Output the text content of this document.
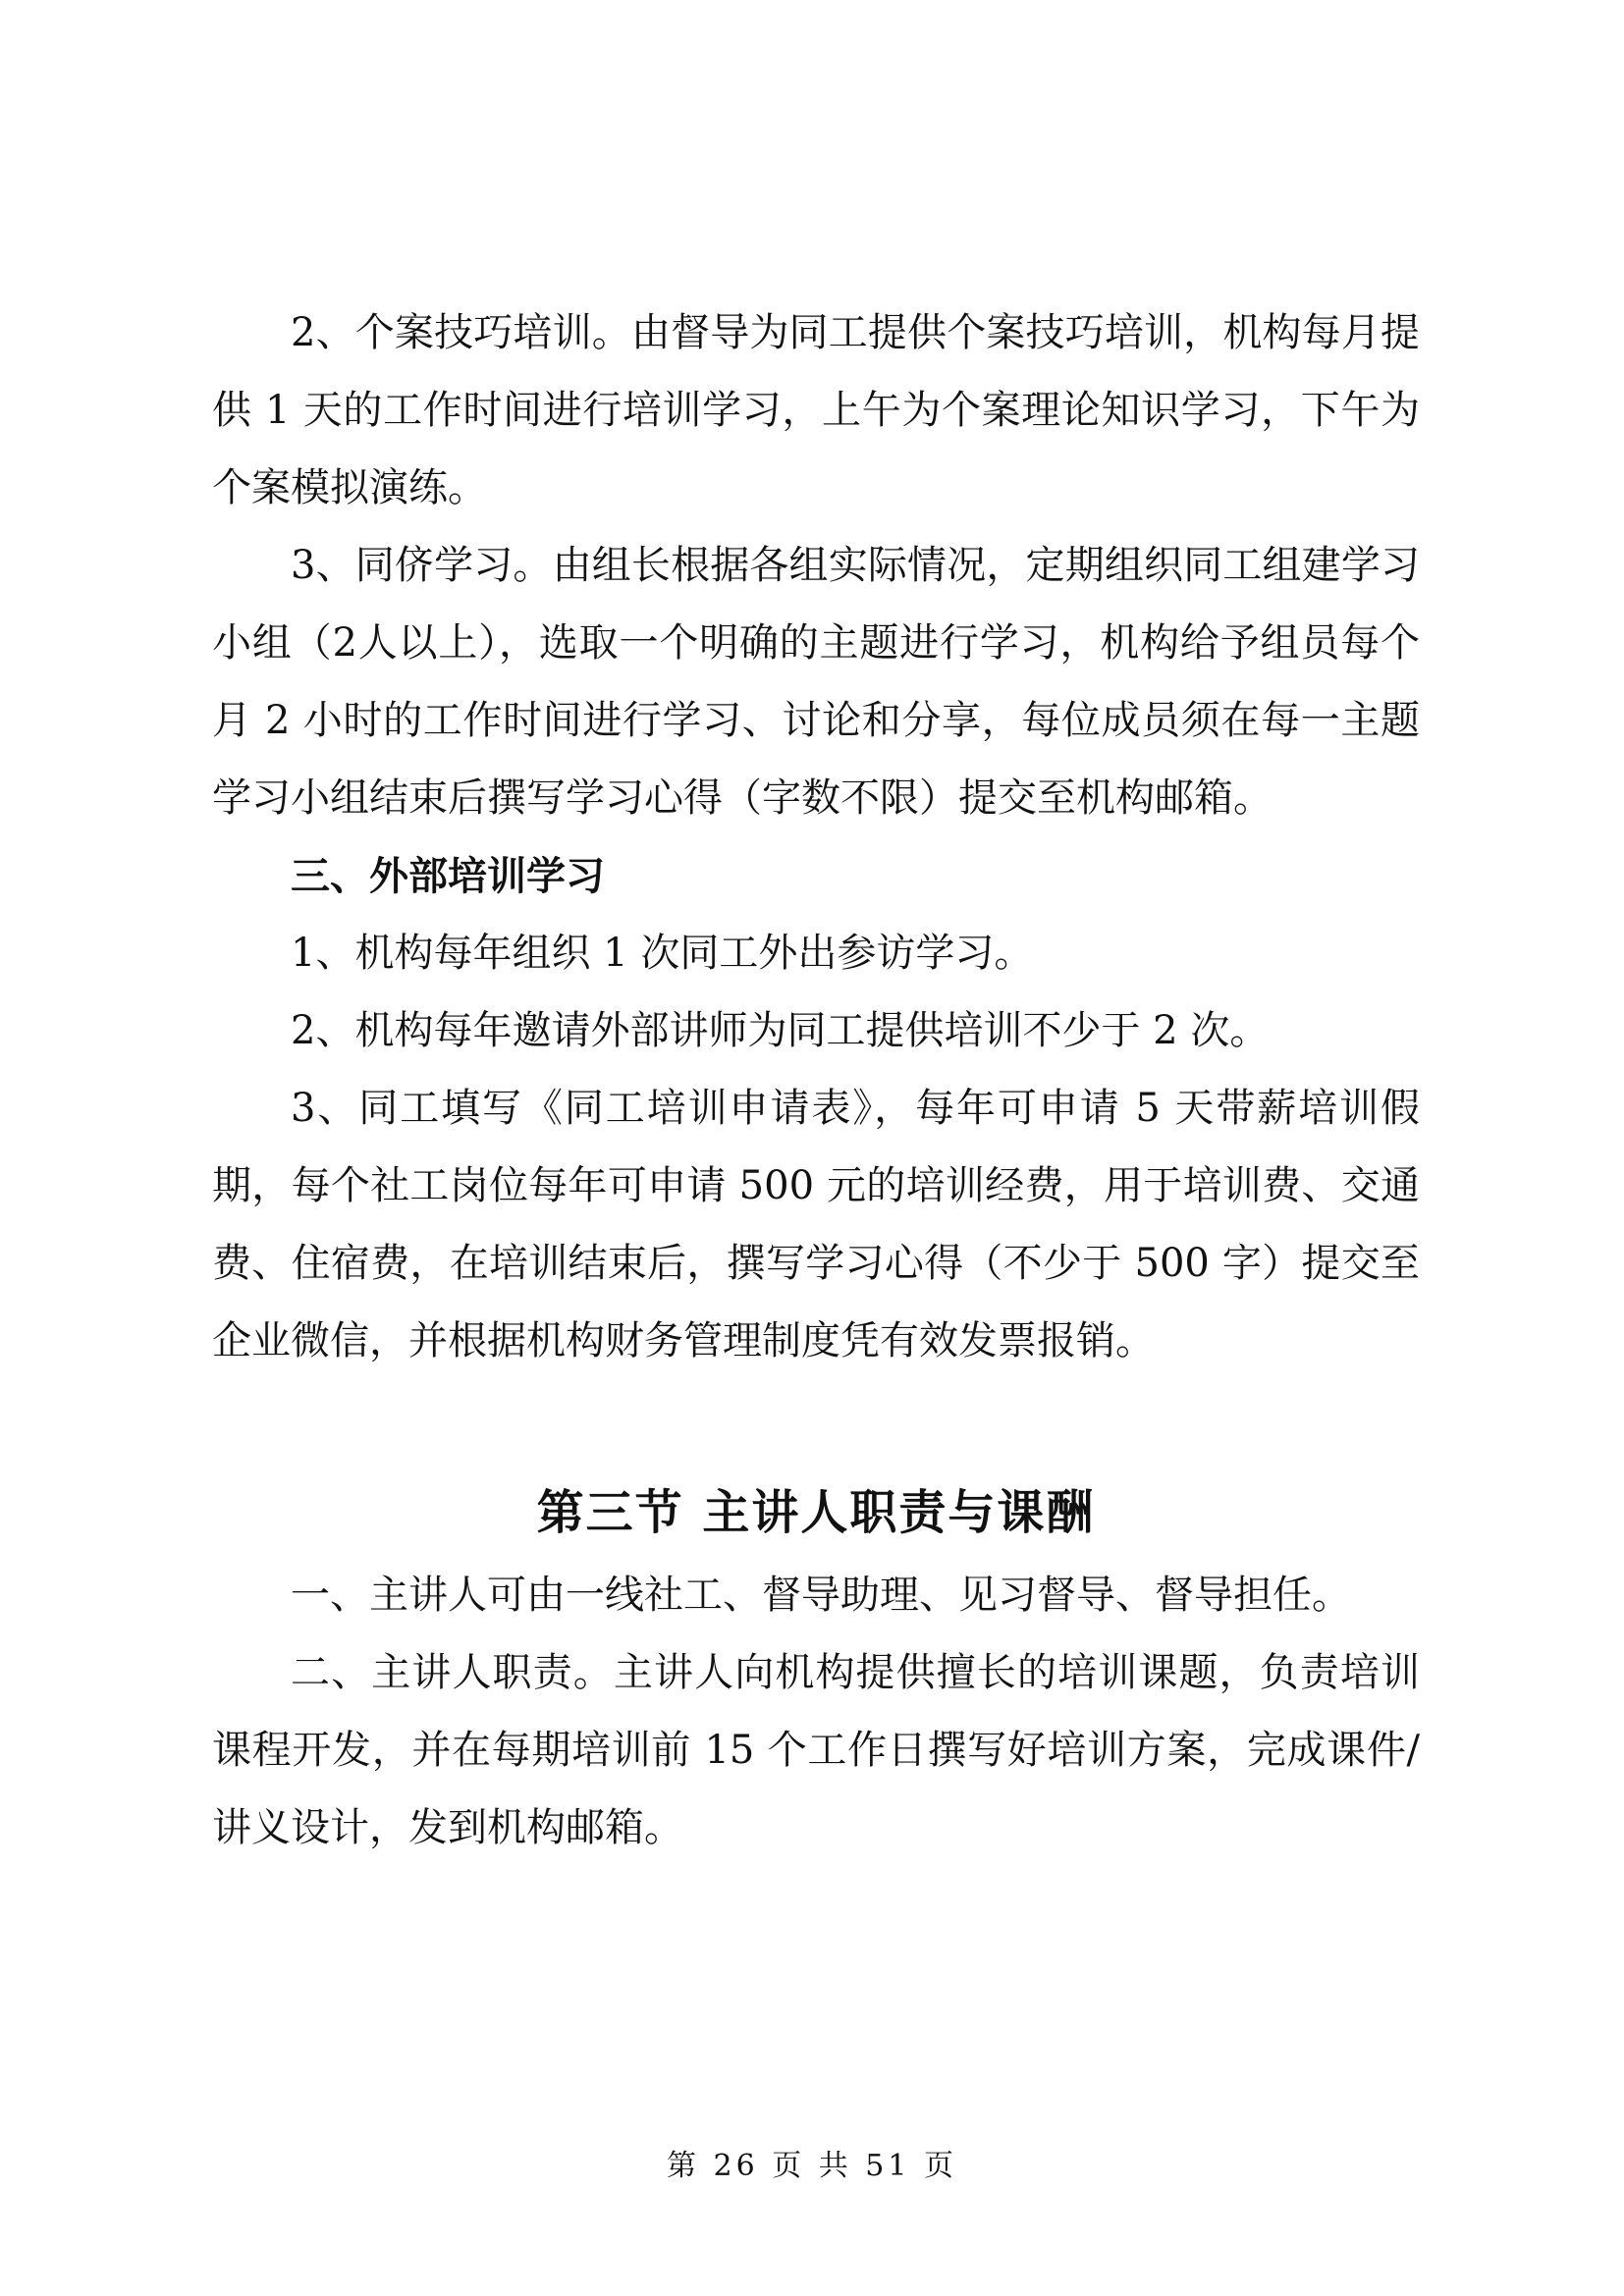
2、个案技巧培训。由督导为同工提供个案技巧培训，机构每月提供 1 天的工作时间进行培训学习，上午为个案理论知识学习，下午为个案模拟演练。

3、同侪学习。由组长根据各组实际情况，定期组织同工组建学习小组（2人以上），选取一个明确的主题进行学习，机构给予组员每个月 2 小时的工作时间进行学习、讨论和分享，每位成员须在每一主题学习小组结束后撰写学习心得（字数不限）提交至机构邮箱。

三、外部培训学习

1、机构每年组织 1 次同工外出参访学习。

2、机构每年邀请外部讲师为同工提供培训不少于 2 次。

3、同工填写《同工培训申请表》，每年可申请 5 天带薪培训假期，每个社工岗位每年可申请 500 元的培训经费，用于培训费、交通费、住宿费，在培训结束后，撰写学习心得（不少于 500 字）提交至企业微信，并根据机构财务管理制度凭有效发票报销。

第三节 主讲人职责与课酬

一、主讲人可由一线社工、督导助理、见习督导、督导担任。

二、主讲人职责。主讲人向机构提供擅长的培训课题，负责培训课程开发，并在每期培训前 15 个工作日撰写好培训方案，完成课件/讲义设计，发到机构邮箱。

第 26 页 共 51 页
